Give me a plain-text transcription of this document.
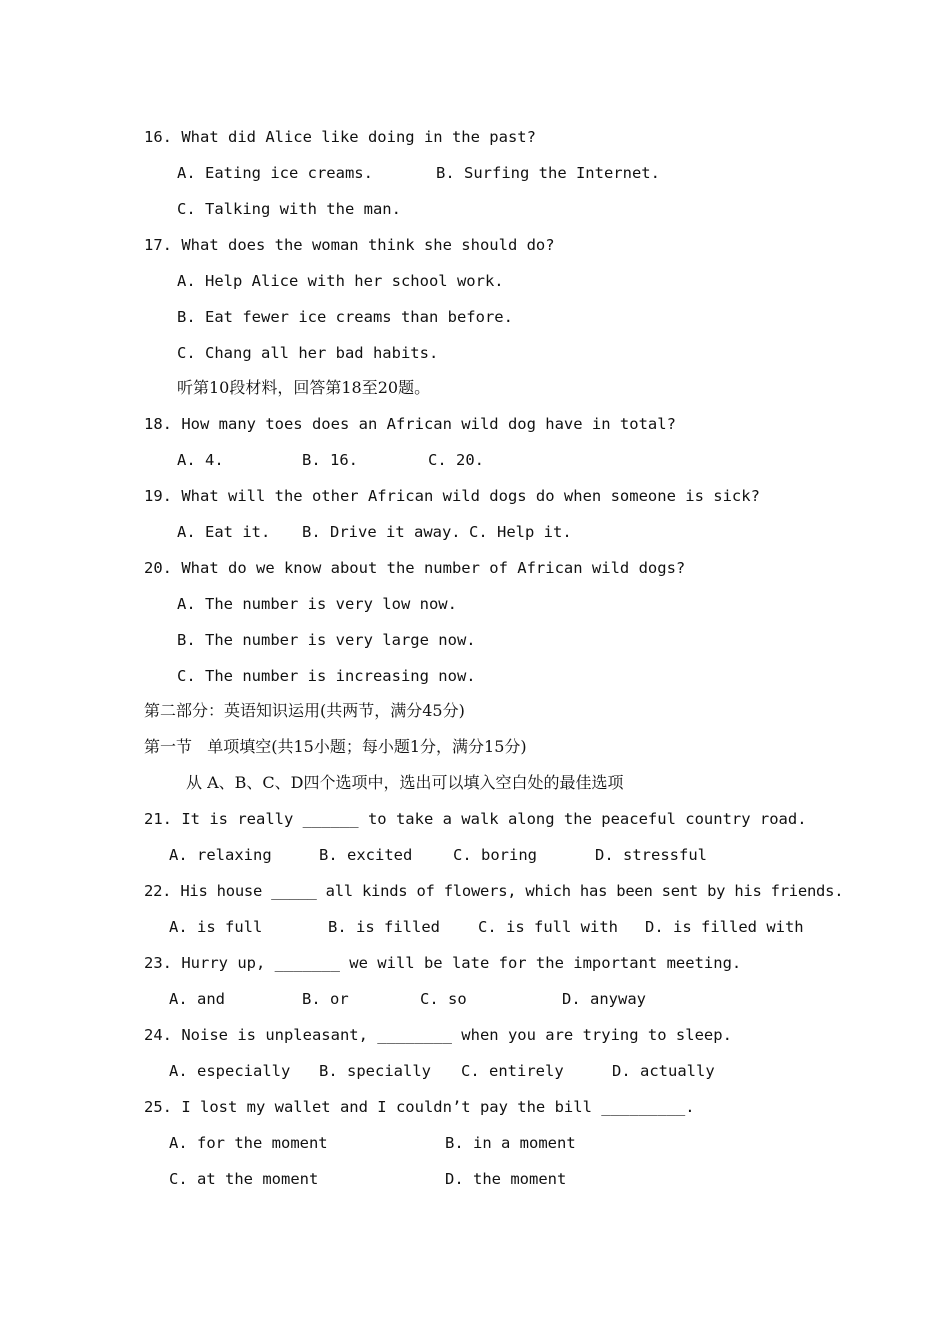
16. What did Alice like doing in the past?
A. Eating ice creams.	B. Surfing the Internet.
C. Talking with the man.
17. What does the woman think she should do?
A. Help Alice with her school work.
B. Eat fewer ice creams than before.
C. Chang all her bad habits.
听第10段材料，回答第18至20题。
18. How many toes does an African wild dog have in total?
A. 4.	B. 16.	C. 20.
19. What will the other African wild dogs do when someone is sick?
A. Eat it. B. Drive it away. C. Help it.
20. What do we know about the number of African wild dogs?
A. The number is very low now.
B. The number is very large now.
C. The number is increasing now.
第二部分：英语知识运用(共两节，满分45分)
第一节   单项填空(共15小题；每小题1分，满分15分)
从 A、B、C、D四个选项中，选出可以填入空白处的最佳选项
21. It is really ______ to take a walk along the peaceful country road.
A. relaxing	B. excited	C. boring	D. stressful
22. His house _____ all kinds of flowers, which has been sent by his friends.
A. is full	B. is filled C. is full with D. is filled with
23. Hurry up, _______ we will be late for the important meeting.
A. and	B. or	C. so	D. anyway
24. Noise is unpleasant, ________ when you are trying to sleep.
A. especially B. specially C. entirely	D. actually
25. I lost my wallet and I couldn’t pay the bill _________.
A. for the moment	B. in a moment
C. at the moment	D. the moment
